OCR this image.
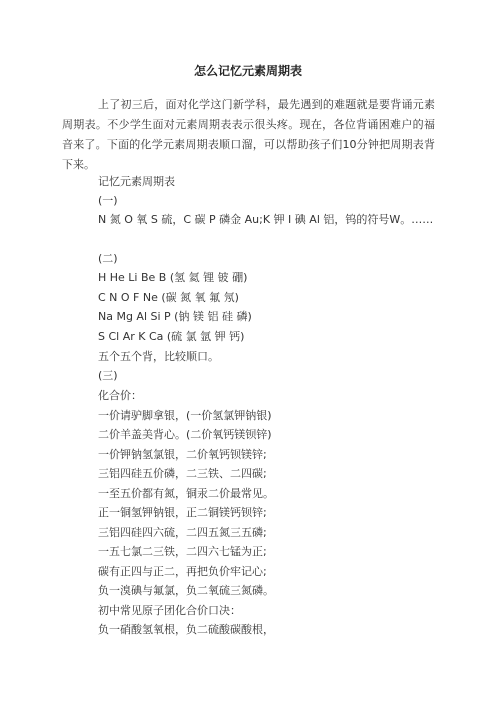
怎么记忆元素周期表
上了初三后，面对化学这门新学科，最先遇到的难题就是要背诵元素周期表。不少学生面对元素周期表表示很头疼。现在，各位背诵困难户的福音来了。下面的化学元素周期表顺口溜，可以帮助孩子们10分钟把周期表背下来。
记忆元素周期表
(一)
N 氮 O 氧 S 硫，C 碳 P 磷金 Au;K 钾 I 碘 Al 铝，钨的符号W。……
(二)
H He Li Be B (氢 氦 锂 铍 硼)
C N O F Ne (碳 氮 氧 氟 氖)
Na Mg Al Si P (钠 镁 铝 硅 磷)
S Cl Ar K Ca (硫 氯 氩 钾 钙)
五个五个背，比较顺口。
(三)
化合价：
一价请驴脚拿银，(一价氢氯钾钠银)
二价羊盖美背心。(二价氧钙镁钡锌)
一价钾钠氢氯银，二价氧钙钡镁锌;
三铝四硅五价磷，二三铁、二四碳;
一至五价都有氮，铜汞二价最常见。
正一铜氢钾钠银，正二铜镁钙钡锌;
三铝四硅四六硫，二四五氮三五磷;
一五七氯二三铁，二四六七锰为正;
碳有正四与正二，再把负价牢记心;
负一溴碘与氟氯，负二氧硫三氮磷。
初中常见原子团化合价口决：
负一硝酸氢氧根，负二硫酸碳酸根，
